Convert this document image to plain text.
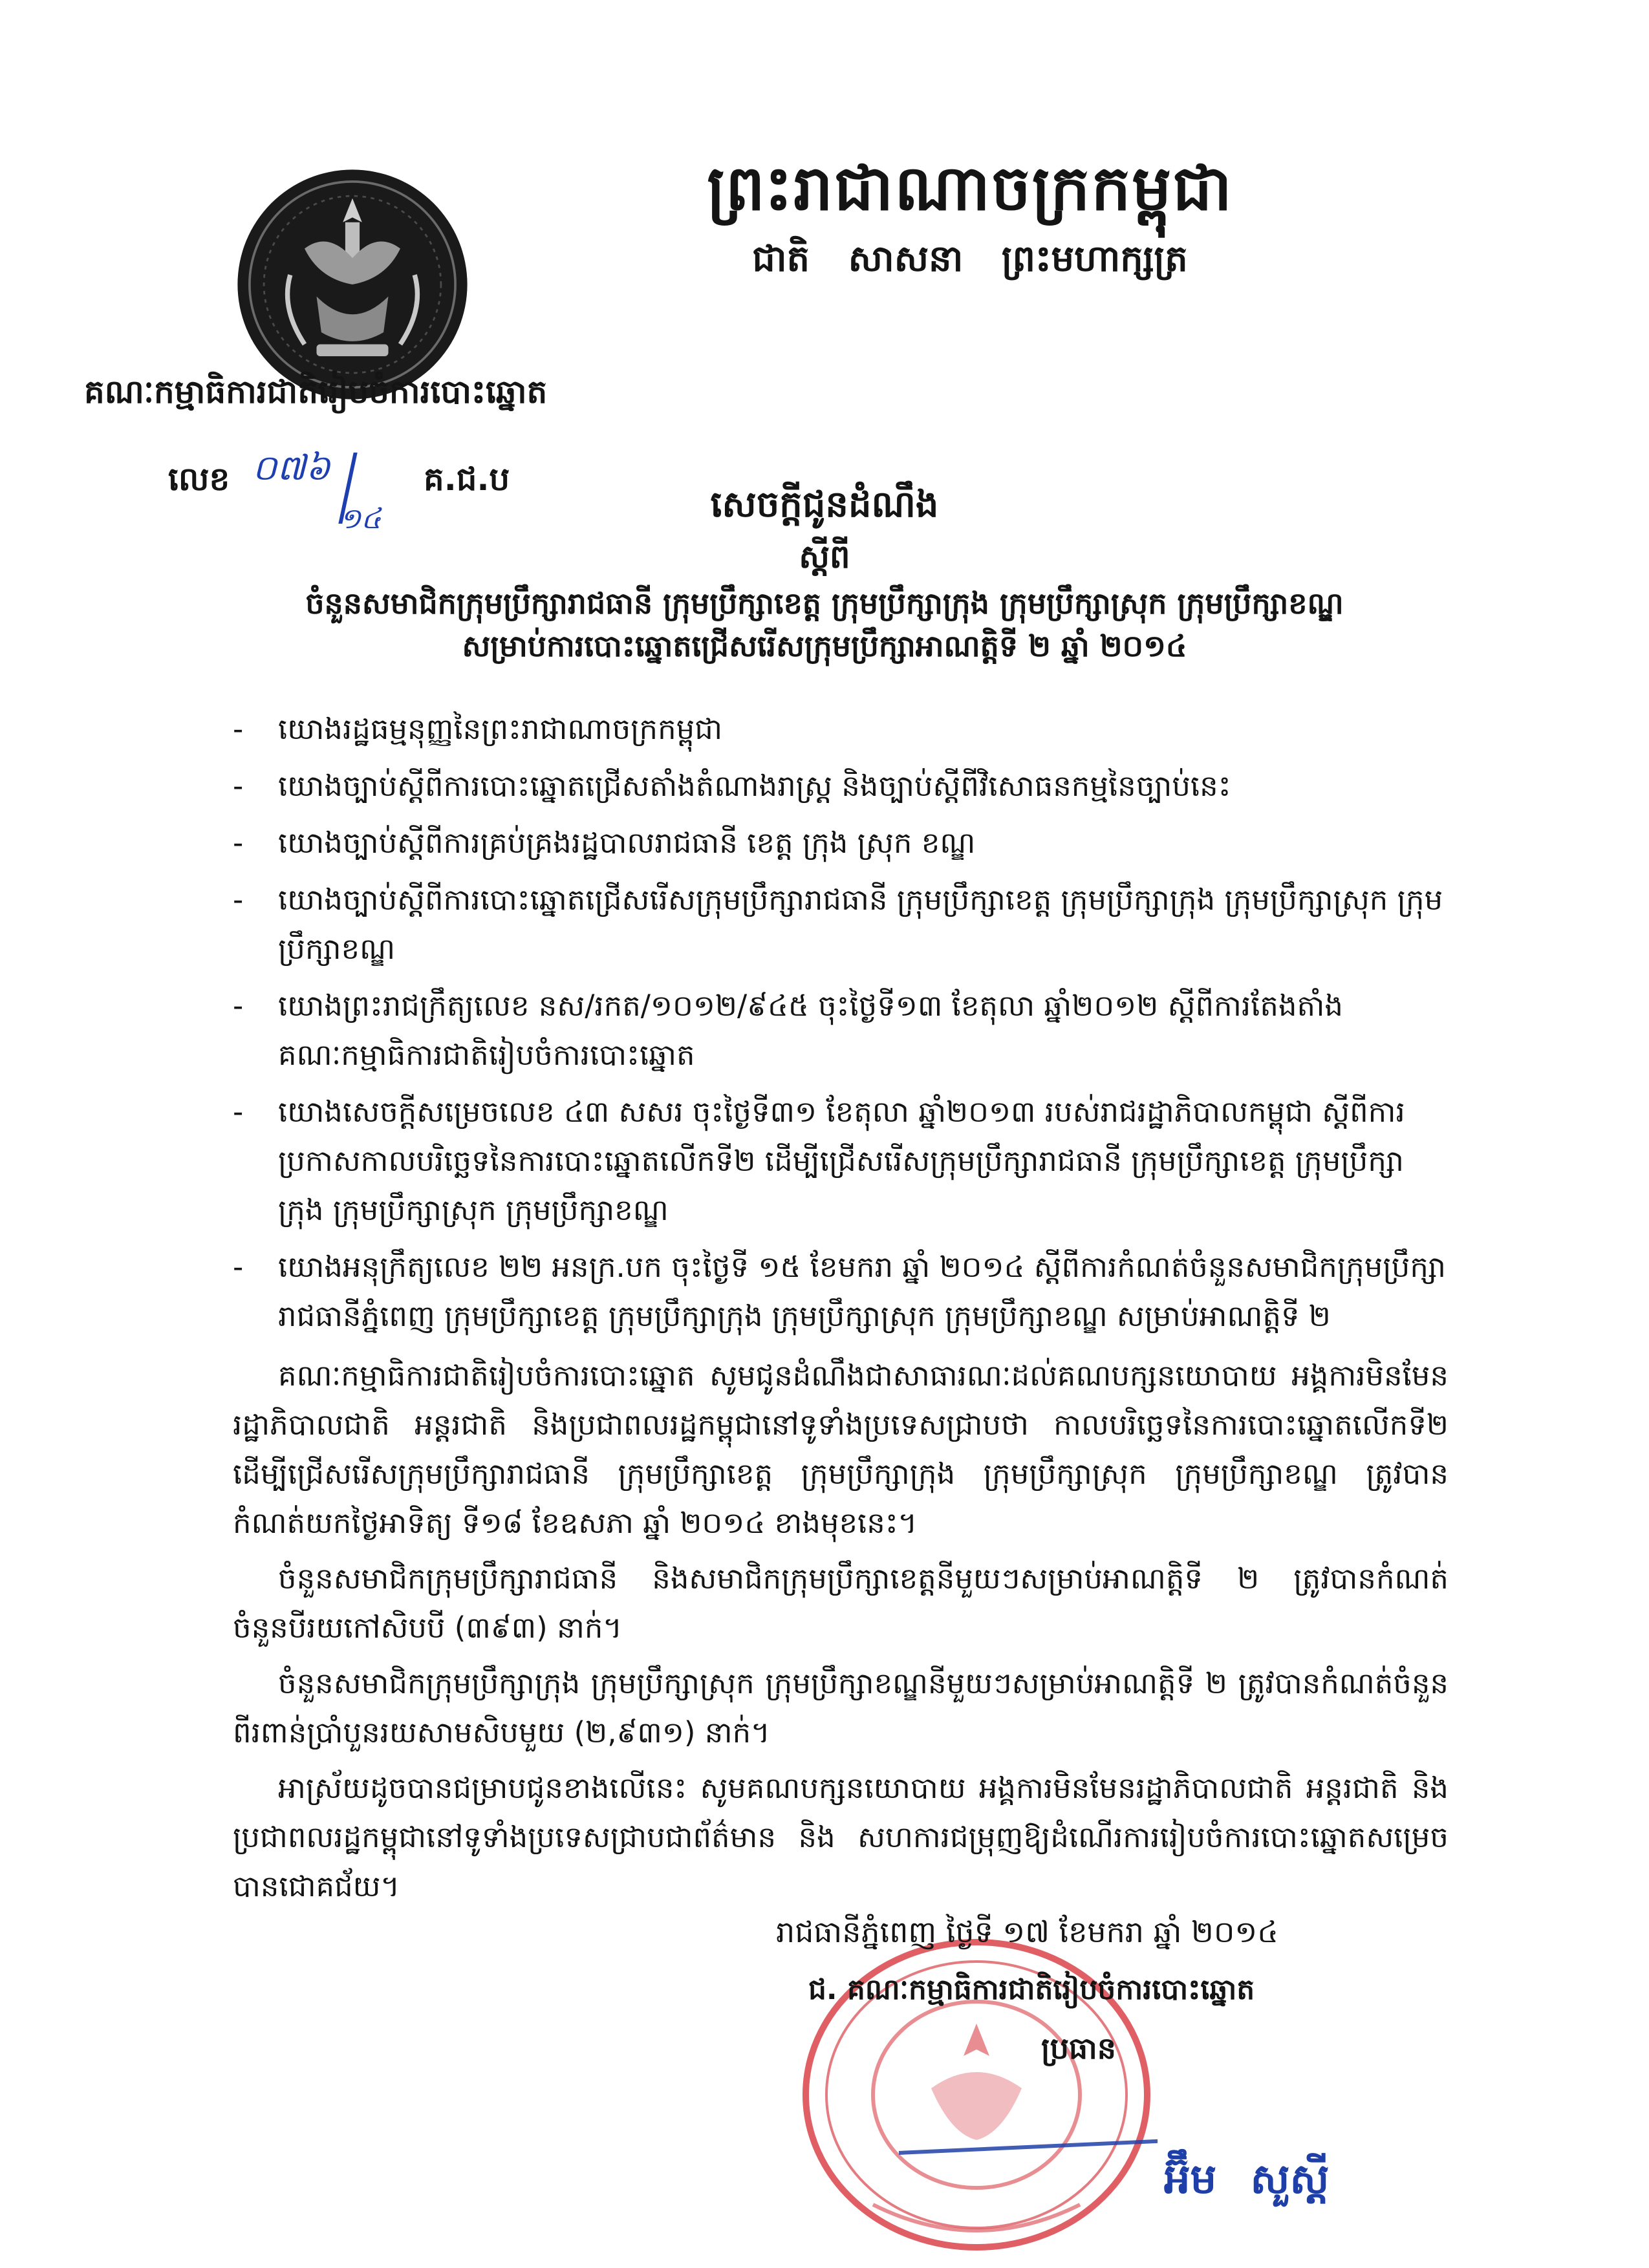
ព្រះរាជាណាចក្រកម្ពុជា
ជាតិ សាសនា ព្រះមហាក្សត្រ
គណៈកម្មាធិការជាតិរៀបចំការបោះឆ្នោត
លេខ ០៧៦
១៤
គ.ជ.ប
សេចក្ដីជូនដំណឹង
ស្ដីពី
ចំនួនសមាជិកក្រុមប្រឹក្សារាជធានី ក្រុមប្រឹក្សាខេត្ត ក្រុមប្រឹក្សាក្រុង ក្រុមប្រឹក្សាស្រុក ក្រុមប្រឹក្សាខណ្ឌ
សម្រាប់ការបោះឆ្នោតជ្រើសរើសក្រុមប្រឹក្សាអាណត្តិទី ២ ឆ្នាំ ២០១៤
- យោងរដ្ឋធម្មនុញ្ញនៃព្រះរាជាណាចក្រកម្ពុជា
- យោងច្បាប់ស្ដីពីការបោះឆ្នោតជ្រើសតាំងតំណាងរាស្ត្រ និងច្បាប់ស្ដីពីវិសោធនកម្មនៃច្បាប់នេះ
- យោងច្បាប់ស្ដីពីការគ្រប់គ្រងរដ្ឋបាលរាជធានី ខេត្ត ក្រុង ស្រុក ខណ្ឌ
- យោងច្បាប់ស្ដីពីការបោះឆ្នោតជ្រើសរើសក្រុមប្រឹក្សារាជធានី ក្រុមប្រឹក្សាខេត្ត ក្រុមប្រឹក្សាក្រុង ក្រុមប្រឹក្សាស្រុក ក្រុមប្រឹក្សាខណ្ឌ
- យោងព្រះរាជក្រឹត្យលេខ នស/រកត/១០១២/៩៤៥ ចុះថ្ងៃទី១៣ ខែតុលា ឆ្នាំ២០១២ ស្ដីពីការតែងតាំងគណៈកម្មាធិការជាតិរៀបចំការបោះឆ្នោត
- យោងសេចក្ដីសម្រេចលេខ ៤៣ សសរ ចុះថ្ងៃទី៣១ ខែតុលា ឆ្នាំ២០១៣ របស់រាជរដ្ឋាភិបាលកម្ពុជា ស្ដីពីការប្រកាសកាលបរិច្ឆេទនៃការបោះឆ្នោតលើកទី២ ដើម្បីជ្រើសរើសក្រុមប្រឹក្សារាជធានី ក្រុមប្រឹក្សាខេត្ត ក្រុមប្រឹក្សាក្រុង ក្រុមប្រឹក្សាស្រុក ក្រុមប្រឹក្សាខណ្ឌ
- យោងអនុក្រឹត្យលេខ ២២ អនក្រ.បក ចុះថ្ងៃទី ១៥ ខែមករា ឆ្នាំ ២០១៤ ស្ដីពីការកំណត់ចំនួនសមាជិកក្រុមប្រឹក្សារាជធានីភ្នំពេញ ក្រុមប្រឹក្សាខេត្ត ក្រុមប្រឹក្សាក្រុង ក្រុមប្រឹក្សាស្រុក ក្រុមប្រឹក្សាខណ្ឌ សម្រាប់អាណត្តិទី ២

គណៈកម្មាធិការជាតិរៀបចំការបោះឆ្នោត សូមជូនដំណឹងជាសាធារណៈដល់គណបក្សនយោបាយ អង្គការមិនមែនរដ្ឋាភិបាលជាតិ អន្តរជាតិ និងប្រជាពលរដ្ឋកម្ពុជានៅទូទាំងប្រទេសជ្រាបថា កាលបរិច្ឆេទនៃការបោះឆ្នោតលើកទី២ ដើម្បីជ្រើសរើសក្រុមប្រឹក្សារាជធានី ក្រុមប្រឹក្សាខេត្ត ក្រុមប្រឹក្សាក្រុង ក្រុមប្រឹក្សាស្រុក ក្រុមប្រឹក្សាខណ្ឌ ត្រូវបានកំណត់យកថ្ងៃអាទិត្យ ទី១៨ ខែឧសភា ឆ្នាំ ២០១៤ ខាងមុខនេះ។

ចំនួនសមាជិកក្រុមប្រឹក្សារាជធានី និងសមាជិកក្រុមប្រឹក្សាខេត្តនីមួយៗសម្រាប់អាណត្តិទី ២ ត្រូវបានកំណត់ចំនួនបីរយកៅសិបបី (៣៩៣) នាក់។

ចំនួនសមាជិកក្រុមប្រឹក្សាក្រុង ក្រុមប្រឹក្សាស្រុក ក្រុមប្រឹក្សាខណ្ឌនីមួយៗសម្រាប់អាណត្តិទី ២ ត្រូវបានកំណត់ចំនួនពីរពាន់ប្រាំបួនរយសាមសិបមួយ (២,៩៣១) នាក់។

អាស្រ័យដូចបានជម្រាបជូនខាងលើនេះ សូមគណបក្សនយោបាយ អង្គការមិនមែនរដ្ឋាភិបាលជាតិ អន្តរជាតិ និងប្រជាពលរដ្ឋកម្ពុជានៅទូទាំងប្រទេសជ្រាបជាព័ត៌មាន និង សហការជម្រុញឱ្យដំណើរការរៀបចំការបោះឆ្នោតសម្រេចបានជោគជ័យ។

រាជធានីភ្នំពេញ ថ្ងៃទី ១៧ ខែមករា ឆ្នាំ ២០១៤
ជ. គណៈកម្មាធិការជាតិរៀបចំការបោះឆ្នោត
ប្រធាន
អ៊ឹម សួស្ដី
